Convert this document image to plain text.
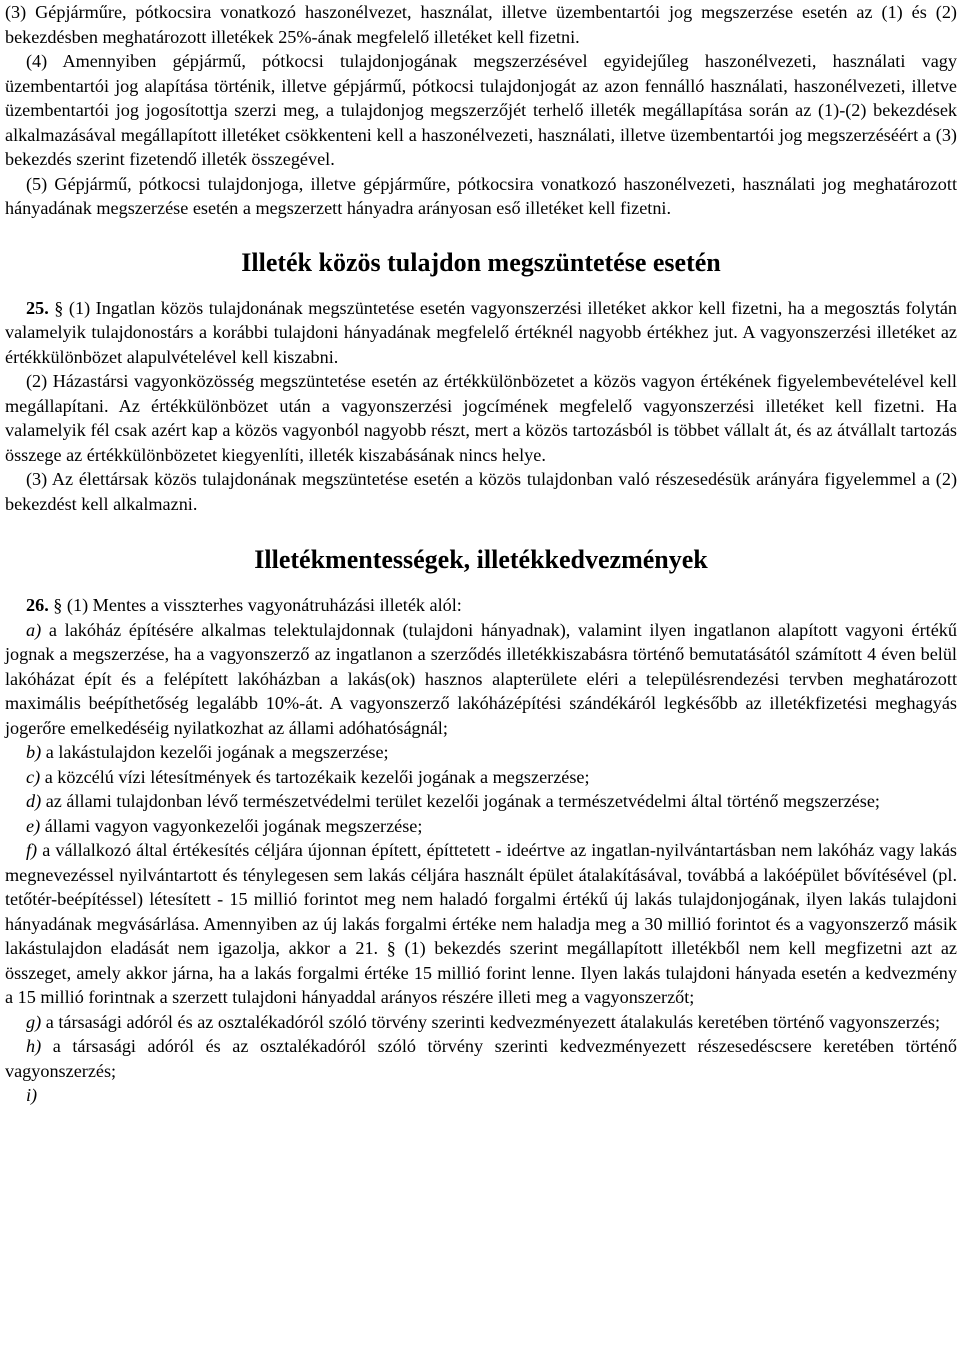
(3) Gépjárműre, pótkocsira vonatkozó haszonélvezet, használat, illetve üzembentartói jog megszerzése esetén az (1) és (2) bekezdésben meghatározott illetékek 25%-ának megfelelő illetéket kell fizetni.

(4) Amennyiben gépjármű, pótkocsi tulajdonjogának megszerzésével egyidejűleg haszonélvezeti, használati vagy üzembentartói jog alapítása történik, illetve gépjármű, pótkocsi tulajdonjogát az azon fennálló használati, haszonélvezeti, illetve üzembentartói jog jogosítottja szerzi meg, a tulajdonjog megszerzőjét terhelő illeték megállapítása során az (1)-(2) bekezdések alkalmazásával megállapított illetéket csökkenteni kell a haszonélvezeti, használati, illetve üzembentartói jog megszerzéséért a (3) bekezdés szerint fizetendő illeték összegével.

(5) Gépjármű, pótkocsi tulajdonjoga, illetve gépjárműre, pótkocsira vonatkozó haszonélvezeti, használati jog meghatározott hányadának megszerzése esetén a megszerzett hányadra arányosan eső illetéket kell fizetni.

Illeték közös tulajdon megszüntetése esetén

25. § (1) Ingatlan közös tulajdonának megszüntetése esetén vagyonszerzési illetéket akkor kell fizetni, ha a megosztás folytán valamelyik tulajdonostárs a korábbi tulajdoni hányadának megfelelő értéknél nagyobb értékhez jut. A vagyonszerzési illetéket az értékkülönbözet alapulvételével kell kiszabni.

(2) Házastársi vagyonközösség megszüntetése esetén az értékkülönbözetet a közös vagyon értékének figyelembevételével kell megállapítani. Az értékkülönbözet után a vagyonszerzési jogcímének megfelelő vagyonszerzési illetéket kell fizetni. Ha valamelyik fél csak azért kap a közös vagyonból nagyobb részt, mert a közös tartozásból is többet vállalt át, és az átvállalt tartozás összege az értékkülönbözetet kiegyenlíti, illeték kiszabásának nincs helye.

(3) Az élettársak közös tulajdonának megszüntetése esetén a közös tulajdonban való részesedésük arányára figyelemmel a (2) bekezdést kell alkalmazni.

Illetékmentességek, illetékkedvezmények

26. § (1) Mentes a visszterhes vagyonátruházási illeték alól:

a) a lakóház építésére alkalmas telektulajdonnak (tulajdoni hányadnak), valamint ilyen ingatlanon alapított vagyoni értékű jognak a megszerzése, ha a vagyonszerző az ingatlanon a szerződés illetékkiszabásra történő bemutatásától számított 4 éven belül lakóházat épít és a felépített lakóházban a lakás(ok) hasznos alapterülete eléri a településrendezési tervben meghatározott maximális beépíthetőség legalább 10%-át. A vagyonszerző lakóházépítési szándékáról legkésőbb az illetékfizetési meghagyás jogerőre emelkedéséig nyilatkozhat az állami adóhatóságnál;

b) a lakástulajdon kezelői jogának a megszerzése;

c) a közcélú vízi létesítmények és tartozékaik kezelői jogának a megszerzése;

d) az állami tulajdonban lévő természetvédelmi terület kezelői jogának a természetvédelmi által történő megszerzése;

e) állami vagyon vagyonkezelői jogának megszerzése;

f) a vállalkozó által értékesítés céljára újonnan épített, építtetett - ideértve az ingatlan-nyilvántartásban nem lakóház vagy lakás megnevezéssel nyilvántartott és ténylegesen sem lakás céljára használt épület átalakításával, továbbá a lakóépület bővítésével (pl. tetőtér-beépítéssel) létesített - 15 millió forintot meg nem haladó forgalmi értékű új lakás tulajdonjogának, ilyen lakás tulajdoni hányadának megvásárlása. Amennyiben az új lakás forgalmi értéke nem haladja meg a 30 millió forintot és a vagyonszerző másik lakástulajdon eladását nem igazolja, akkor a 21. § (1) bekezdés szerint megállapított illetékből nem kell megfizetni azt az összeget, amely akkor járna, ha a lakás forgalmi értéke 15 millió forint lenne. Ilyen lakás tulajdoni hányada esetén a kedvezmény a 15 millió forintnak a szerzett tulajdoni hányaddal arányos részére illeti meg a vagyonszerzőt;

g) a társasági adóról és az osztalékadóról szóló törvény szerinti kedvezményezett átalakulás keretében történő vagyonszerzés;

h) a társasági adóról és az osztalékadóról szóló törvény szerinti kedvezményezett részesedéscsere keretében történő vagyonszerzés;

i)
